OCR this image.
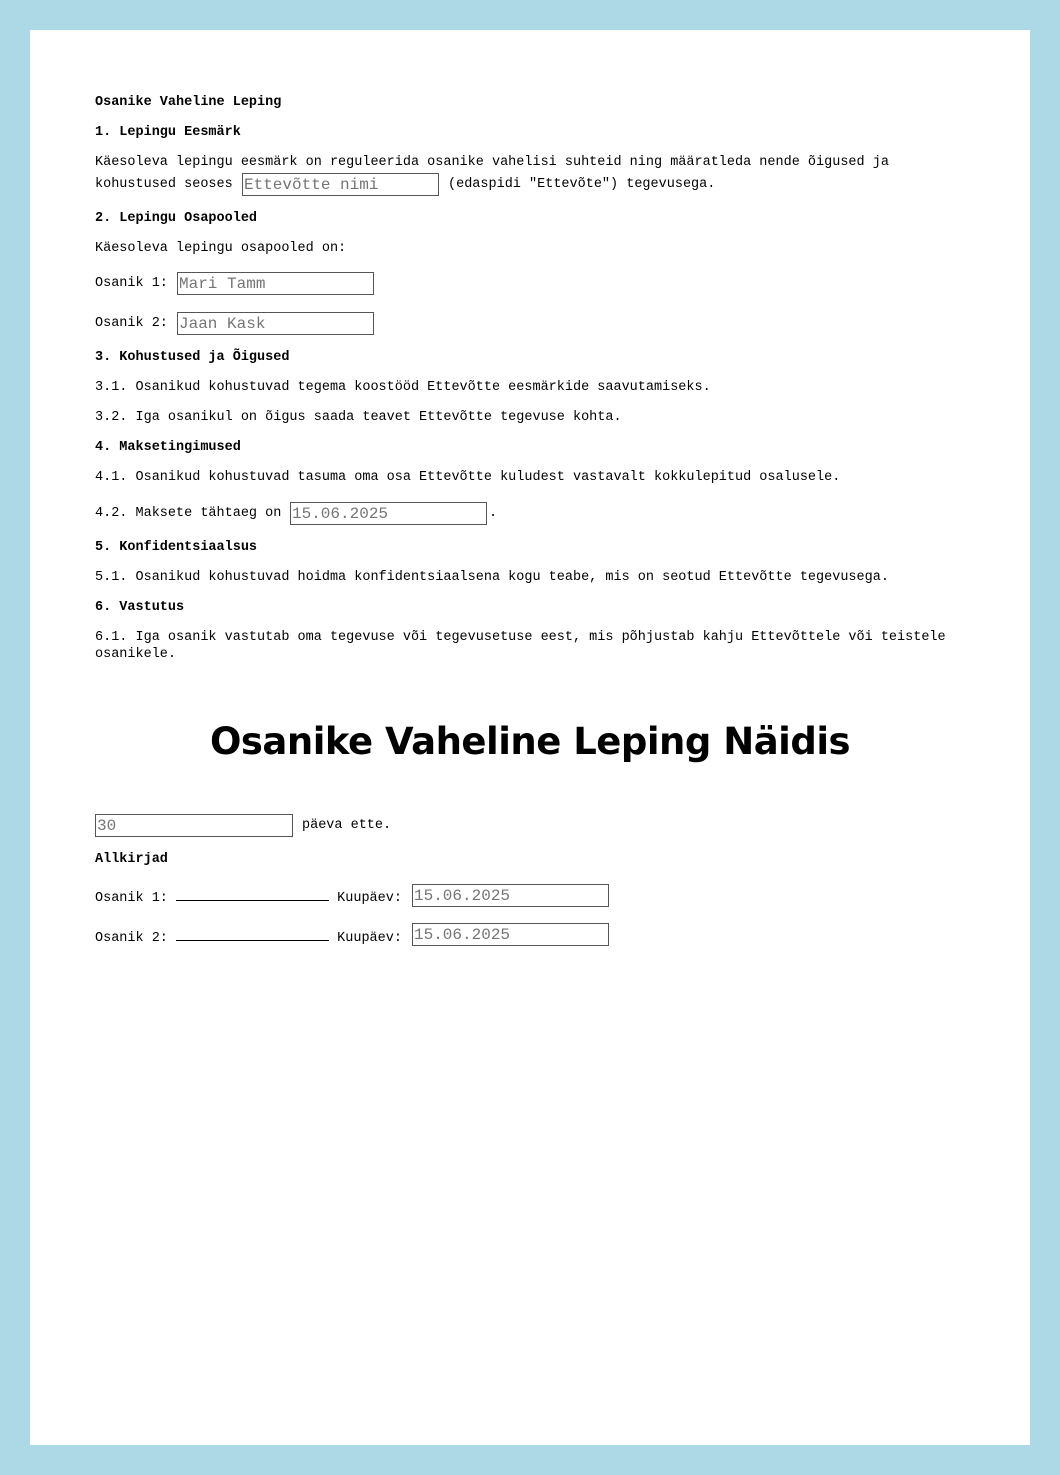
Osanike Vaheline Leping
1. Lepingu Eesmärk
Käesoleva lepingu eesmärk on reguleerida osanike vahelisi suhteid ning määratleda nende õigused ja
kohustused seoses
Ettevõtte nimi	(edaspidi "Ettevõte") tegevusega.
2. Lepingu Osapooled
Käesoleva lepingu osapooled on:
Osanik 1:
Mari Tamm
Osanik 2:
Jaan Kask
3. Kohustused ja Õigused
3.1. Osanikud kohustuvad tegema koostööd Ettevõtte eesmärkide saavutamiseks.
3.2. Iga osanikul on õigus saada teavet Ettevõtte tegevuse kohta.
4. Maksetingimused
4.1. Osanikud kohustuvad tasuma oma osa Ettevõtte kuludest vastavalt kokkulepitud osalusele.
4.2. Maksete tähtaeg on
15.06.2025	.
5. Konfidentsiaalsus
5.1. Osanikud kohustuvad hoidma konfidentsiaalsena kogu teabe, mis on seotud Ettevõtte tegevusega.
6. Vastutus
6.1. Iga osanik vastutab oma tegevuse või tegevusetuse eest, mis põhjustab kahju Ettevõttele või teistele
osanikele.
Osanike Vaheline Leping Näidis
30
päeva ette.
Allkirjad
Osanik 1:	Kuupäev:
15.06.2025
Osanik 2:	Kuupäev:
15.06.2025
